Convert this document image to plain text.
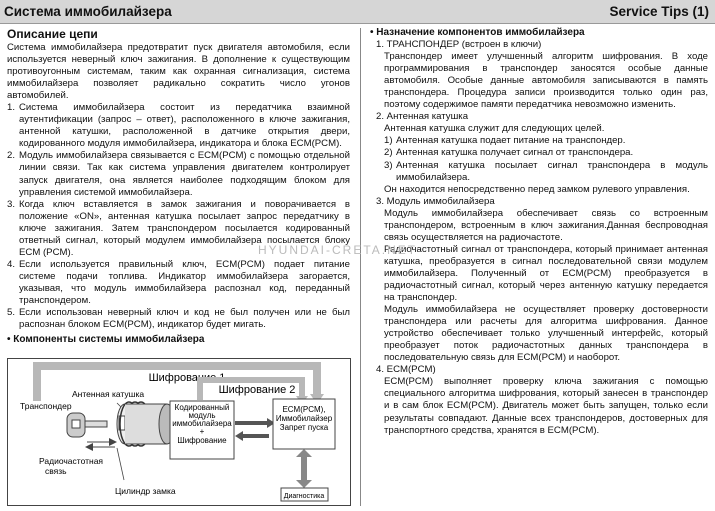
Система иммобилайзера	Service Tips (1)
Описание цепи

Система иммобилайзера предотвратит пуск двигателя автомобиля, если используется неверный ключ зажигания. В дополнение к существующим противоугонным системам, таким как охранная сигнализация, система иммобилайзера позволяет радикально сократить число угонов автомобилей.

1. Система иммобилайзера состоит из передатчика взаимной аутентификации (запрос – ответ), расположенного в ключе зажигания, антенной катушки, расположенной в датчике открытия двери, кодированного модуля иммобилайзера, индикатора и блока ECM(PCM).
2. Модуль иммобилайзера связывается с ECM(PCM) с помощью отдельной линии связи. Так как система управления двигателем контролирует запуск двигателя, она является наиболее подходящим блоком для управления системой иммобилайзера.
3. Когда ключ вставляется в замок зажигания и поворачивается в положение «ON», антенная катушка посылает запрос передатчику в ключе зажигания. Затем транспондером посылается кодированный ответный сигнал, который модулем иммобилайзера посылается блоку ECM (PCM).
4. Если используется правильный ключ, ECM(PCM) подает питание системе подачи топлива. Индикатор иммобилайзера загорается, указывая, что модуль иммобилайзера распознал код, переданный транспондером.
5. Если использован неверный ключ и код не был получен или не был распознан блоком ECM(PCM), индикатор будет мигать.
• Компоненты системы иммобилайзера
Шифрование 1
Шифрование 2
Транспондер
Радиочастотная
связь
Антенная катушка
Цилиндр замка
Кодированный
модуль
иммобилайзера
+
Шифрование
ECM(PCM),
Иммобилайзер
Запрет пуска
Диагностика
• Назначение компонентов иммобилайзера

1. ТРАНСПОНДЕР (встроен в ключи)

Транспондер имеет улучшенный алгоритм шифрования. В ходе программирования в транспондер заносятся особые данные автомобиля. Особые данные автомобиля записываются в память транспондера. Процедура записи производится только один раз, поэтому содержимое памяти передатчика невозможно изменить.

2. Антенная катушка

Антенная катушка служит для следующих целей.

1) Антенная катушка подает питание на транспондер.
2) Антенная катушка получает сигнал от транспондера.
3) Антенная катушка посылает сигнал транспондера в модуль иммобилайзера.

Он находится непосредственно перед замком рулевого управления.

3. Модуль иммобилайзера

Модуль иммобилайзера обеспечивает связь со встроенным транспондером, встроенным в ключ зажигания.Данная беспроводная связь осуществляется на радиочастоте.

Радиочастотный сигнал от транспондера, который принимает антенная катушка, преобразуется в сигнал последовательной связи модулем иммобилайзера. Полученный от ECM(PCM) преобразуется в радиочастотный сигнал, который через антенную катушку передается на транспондер.

Модуль иммобилайзера не осуществляет проверку достоверности транспондера или расчеты для алгоритма шифрования. Данное устройство обеспечивает только улучшенный интерфейс, который преобразует поток радиочастотных данных транспондера в последовательную связь для ECM(PCM) и наоборот.

4. ECM(PCM)

ECM(PCM) выполняет проверку ключа зажигания с помощью специального алгоритма шифрования, который занесен в транспондер и в сам блок ECM(PCM). Двигатель может быть запущен, только если результаты совпадают. Данные всех транспондеров, достоверных для транспортного средства, хранятся в ECM(PCM).

HYUNDAI-CRETA.NET
